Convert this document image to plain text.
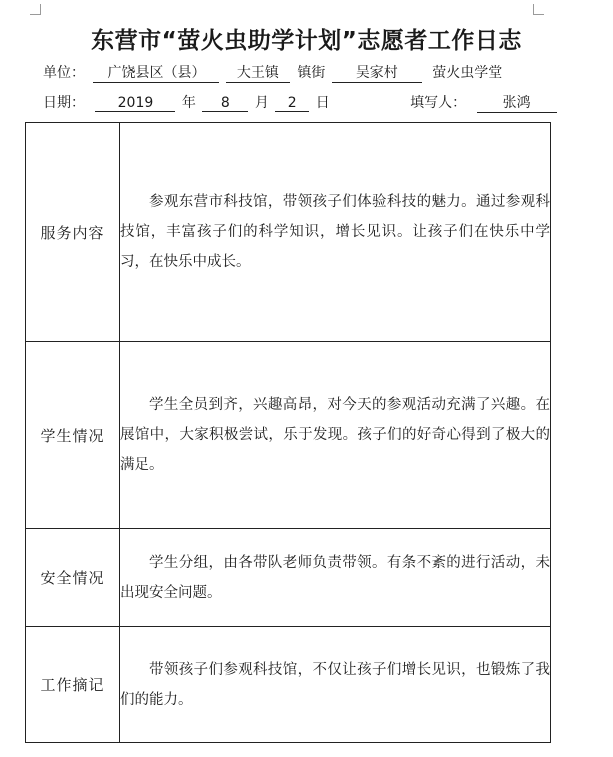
东营市“萤火虫助学计划”志愿者工作日志
单位： 广饶县区（县） 大王镇 镇街 吴家村 萤火虫学堂
日期： 2019 年 8 月 2 日	填写人：	张鸿
服务内容	参观东营市科技馆，带领孩子们体验科技的魅力。通过参观科技馆，丰富孩子们的科学知识，增长见识。让孩子们在快乐中学习，在快乐中成长。

学生情况	学生全员到齐，兴趣高昂，对今天的参观活动充满了兴趣。在展馆中，大家积极尝试，乐于发现。孩子们的好奇心得到了极大的满足。

安全情况	学生分组，由各带队老师负责带领。有条不紊的进行活动，未出现安全问题。

工作摘记	带领孩子们参观科技馆，不仅让孩子们增长见识，也锻炼了我们的能力。
